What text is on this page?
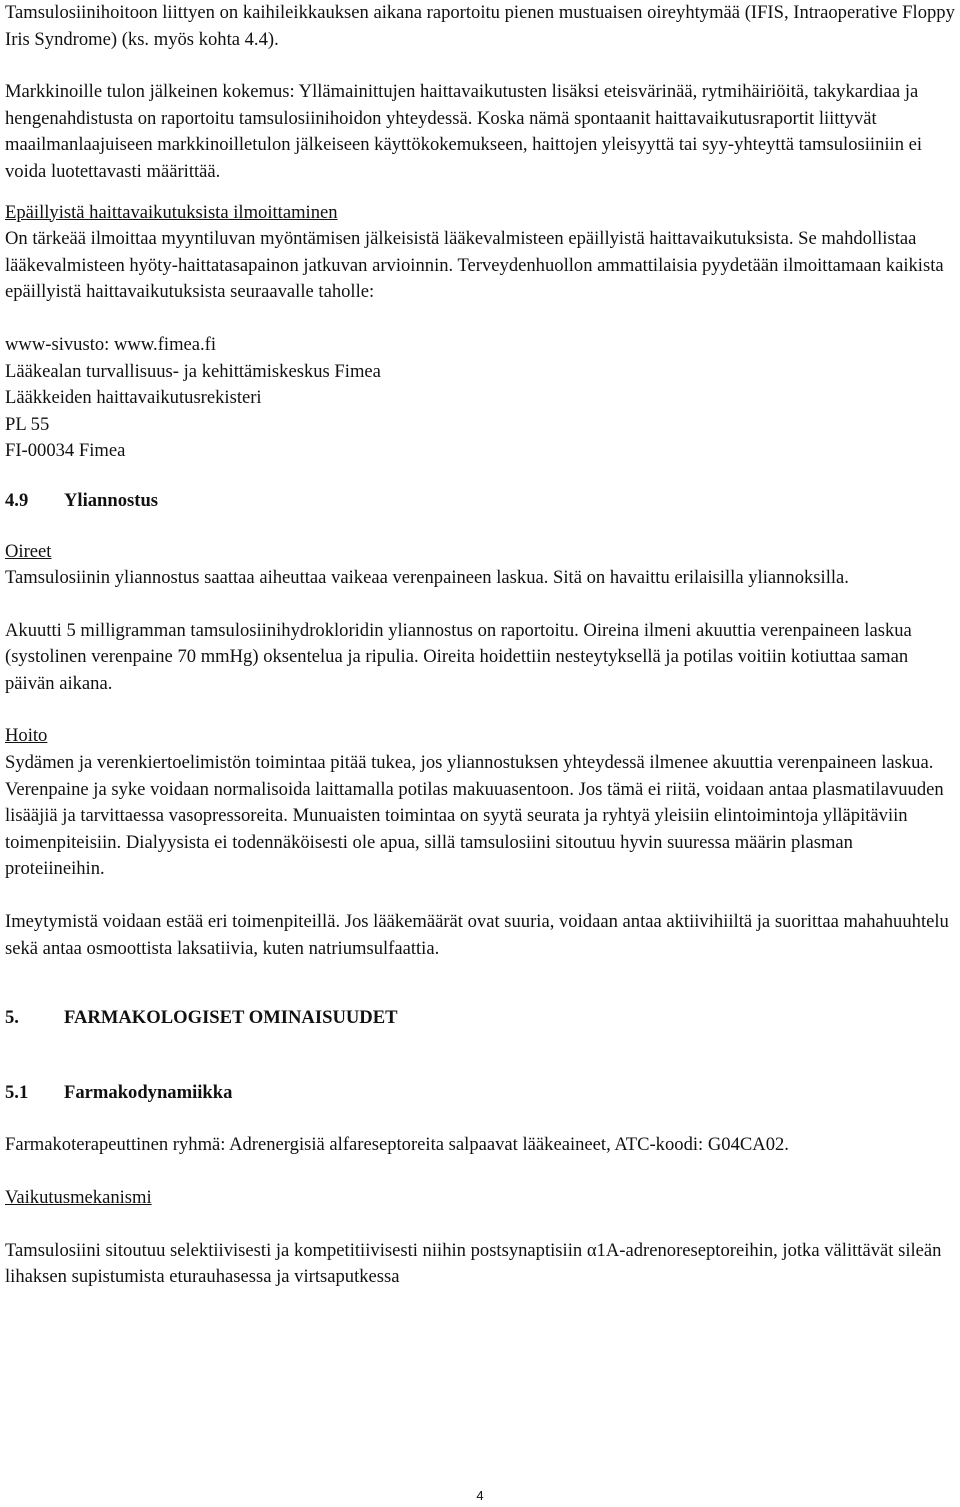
Tamsulosiinihoitoon liittyen on kaihileikkauksen aikana raportoitu pienen mustuaisen oireyhtymää (IFIS, Intraoperative Floppy Iris Syndrome) (ks. myös kohta 4.4).

Markkinoille tulon jälkeinen kokemus: Yllämainittujen haittavaikutusten lisäksi eteisvärinää, rytmihäiriöitä, takykardiaa ja hengenahdistusta on raportoitu tamsulosiinihoidon yhteydessä. Koska nämä spontaanit haittavaikutusraportit liittyvät maailmanlaajuiseen markkinoilletulon jälkeiseen käyttökokemukseen, haittojen yleisyyttä tai syy-yhteyttä tamsulosiiniin ei voida luotettavasti määrittää.

Epäillyistä haittavaikutuksista ilmoittaminen

On tärkeää ilmoittaa myyntiluvan myöntämisen jälkeisistä lääkevalmisteen epäillyistä haittavaikutuksista. Se mahdollistaa lääkevalmisteen hyöty-haittatasapainon jatkuvan arvioinnin. Terveydenhuollon ammattilaisia pyydetään ilmoittamaan kaikista epäillyistä haittavaikutuksista seuraavalle taholle:

www-sivusto: www.fimea.fi

Lääkealan turvallisuus- ja kehittämiskeskus Fimea

Lääkkeiden haittavaikutusrekisteri

PL 55

FI-00034 Fimea

4.9 Yliannostus

Oireet

Tamsulosiinin yliannostus saattaa aiheuttaa vaikeaa verenpaineen laskua. Sitä on havaittu erilaisilla yliannoksilla.

Akuutti 5 milligramman tamsulosiinihydrokloridin yliannostus on raportoitu. Oireina ilmeni akuuttia verenpaineen laskua (systolinen verenpaine 70 mmHg) oksentelua ja ripulia. Oireita hoidettiin nesteytyksellä ja potilas voitiin kotiuttaa saman päivän aikana.

Hoito

Sydämen ja verenkiertoelimistön toimintaa pitää tukea, jos yliannostuksen yhteydessä ilmenee akuuttia verenpaineen laskua. Verenpaine ja syke voidaan normalisoida laittamalla potilas makuuasentoon. Jos tämä ei riitä, voidaan antaa plasmatilavuuden lisääjiä ja tarvittaessa vasopressoreita. Munuaisten toimintaa on syytä seurata ja ryhtyä yleisiin elintoimintoja ylläpitäviin toimenpiteisiin. Dialyysista ei todennäköisesti ole apua, sillä tamsulosiini sitoutuu hyvin suuressa määrin plasman proteiineihin.

Imeytymistä voidaan estää eri toimenpiteillä. Jos lääkemäärät ovat suuria, voidaan antaa aktiivihiiltä ja suorittaa mahahuuhtelu sekä antaa osmoottista laksatiivia, kuten natriumsulfaattia.

5. FARMAKOLOGISET OMINAISUUDET
5.1 Farmakodynamiikka

Farmakoterapeuttinen ryhmä: Adrenergisiä alfareseptoreita salpaavat lääkeaineet, ATC-koodi: G04CA02.

Vaikutusmekanismi

Tamsulosiini sitoutuu selektiivisesti ja kompetitiivisesti niihin postsynaptisiin α1A-adrenoreseptoreihin, jotka välittävät sileän lihaksen supistumista eturauhasessa ja virtsaputkessa

4
